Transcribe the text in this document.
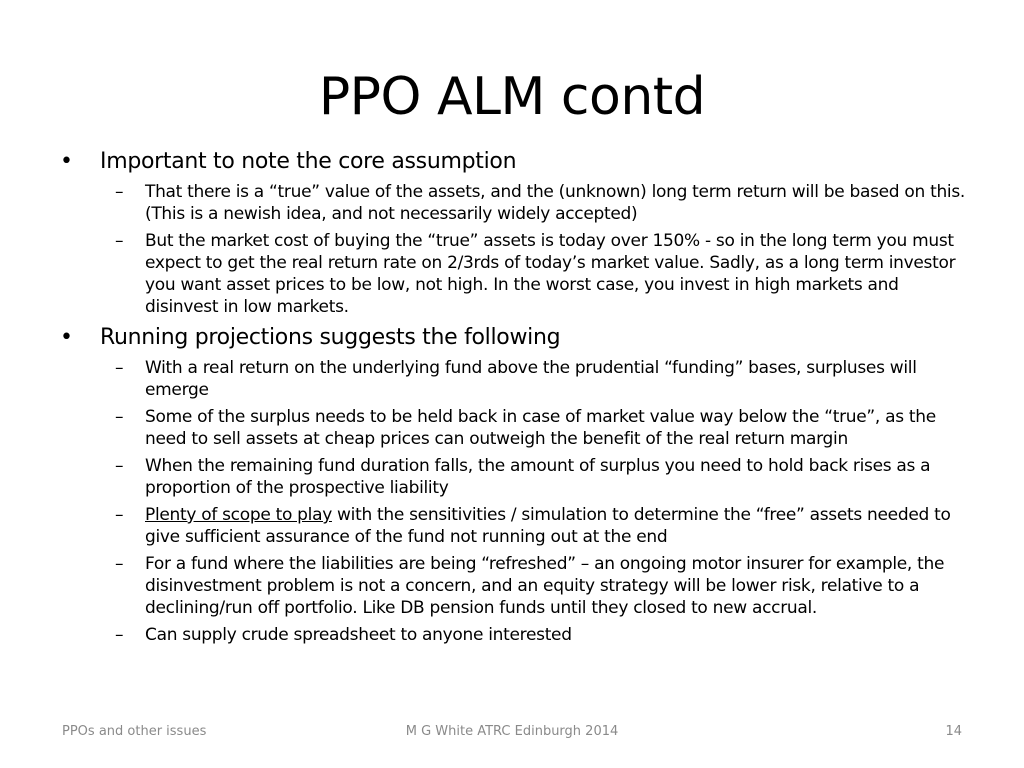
PPO ALM contd
• Important to note the core assumption
– That there is a “true” value of the assets, and the (unknown) long term return will be based on this. (This is a newish idea, and not necessarily widely accepted)
– But the market cost of buying the “true” assets is today over 150% - so in the long term you must expect to get the real return rate on 2/3rds of today’s market value. Sadly, as a long term investor you want asset prices to be low, not high. In the worst case, you invest in high markets and disinvest in low markets.
• Running projections suggests the following
– With a real return on the underlying fund above the prudential “funding” bases, surpluses will emerge
– Some of the surplus needs to be held back in case of market value way below the “true”, as the need to sell assets at cheap prices can outweigh the benefit of the real return margin
– When the remaining fund duration falls, the amount of surplus you need to hold back rises as a proportion of the prospective liability
– Plenty of scope to play with the sensitivities / simulation to determine the “free” assets needed to give sufficient assurance of the fund not running out at the end
– For a fund where the liabilities are being “refreshed” – an ongoing motor insurer for example, the disinvestment problem is not a concern, and an equity strategy will be lower risk, relative to a declining/run off portfolio. Like DB pension funds until they closed to new accrual.
– Can supply crude spreadsheet to anyone interested
PPOs and other issues	M G White ATRC Edinburgh 2014	14
